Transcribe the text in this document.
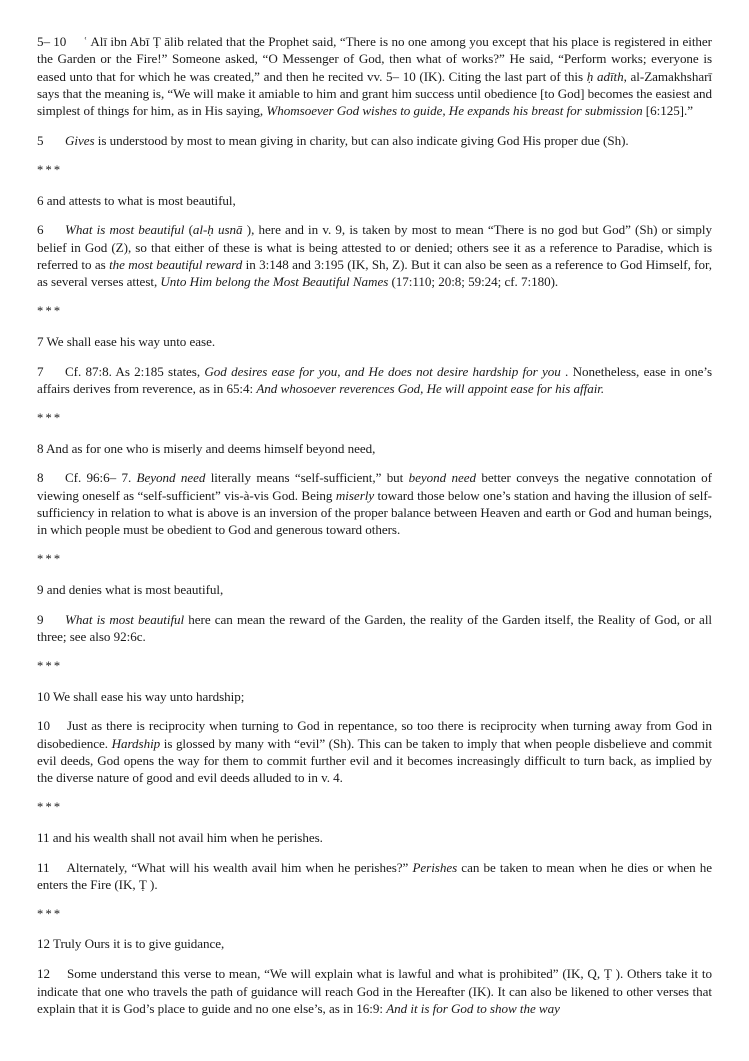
5– 10 ʿ Alī ibn Abī Ṭ ālib related that the Prophet said, “There is no one among you except that his place is registered in either the Garden or the Fire!” Someone asked, “O Messenger of God, then what of works?” He said, “Perform works; everyone is eased unto that for which he was created,” and then he recited vv. 5– 10 (IK). Citing the last part of this ḥ adīth, al-Zamakhsharī says that the meaning is, “We will make it amiable to him and grant him success until obedience [to God] becomes the easiest and simplest of things for him, as in His saying, Whomsoever God wishes to guide, He expands his breast for submission [6:125].”

5 Gives is understood by most to mean giving in charity, but can also indicate giving God His proper due (Sh).

***

6 and attests to what is most beautiful,

6 What is most beautiful (al-ḥ usnā ), here and in v. 9, is taken by most to mean “There is no god but God” (Sh) or simply belief in God (Z), so that either of these is what is being attested to or denied; others see it as a reference to Paradise, which is referred to as the most beautiful reward in 3:148 and 3:195 (IK, Sh, Z). But it can also be seen as a reference to God Himself, for, as several verses attest, Unto Him belong the Most Beautiful Names (17:110; 20:8; 59:24; cf. 7:180).

***

7 We shall ease his way unto ease.

7 Cf. 87:8. As 2:185 states, God desires ease for you, and He does not desire hardship for you . Nonetheless, ease in one’s affairs derives from reverence, as in 65:4: And whosoever reverences God, He will appoint ease for his affair.

***

8 And as for one who is miserly and deems himself beyond need,

8 Cf. 96:6– 7. Beyond need literally means “self-sufficient,” but beyond need better conveys the negative connotation of viewing oneself as “self-sufficient” vis-à-vis God. Being miserly toward those below one’s station and having the illusion of self-sufficiency in relation to what is above is an inversion of the proper balance between Heaven and earth or God and human beings, in which people must be obedient to God and generous toward others.

***

9 and denies what is most beautiful,

9 What is most beautiful here can mean the reward of the Garden, the reality of the Garden itself, the Reality of God, or all three; see also 92:6c.

***

10 We shall ease his way unto hardship;

10 Just as there is reciprocity when turning to God in repentance, so too there is reciprocity when turning away from God in disobedience. Hardship is glossed by many with “evil” (Sh). This can be taken to imply that when people disbelieve and commit evil deeds, God opens the way for them to commit further evil and it becomes increasingly difficult to turn back, as implied by the diverse nature of good and evil deeds alluded to in v. 4.

***

11 and his wealth shall not avail him when he perishes.

11 Alternately, “What will his wealth avail him when he perishes?” Perishes can be taken to mean when he dies or when he enters the Fire (IK, Ṭ ).

***

12 Truly Ours it is to give guidance,

12 Some understand this verse to mean, “We will explain what is lawful and what is prohibited” (IK, Q, Ṭ ). Others take it to indicate that one who travels the path of guidance will reach God in the Hereafter (IK). It can also be likened to other verses that explain that it is God’s place to guide and no one else’s, as in 16:9: And it is for God to show the way
